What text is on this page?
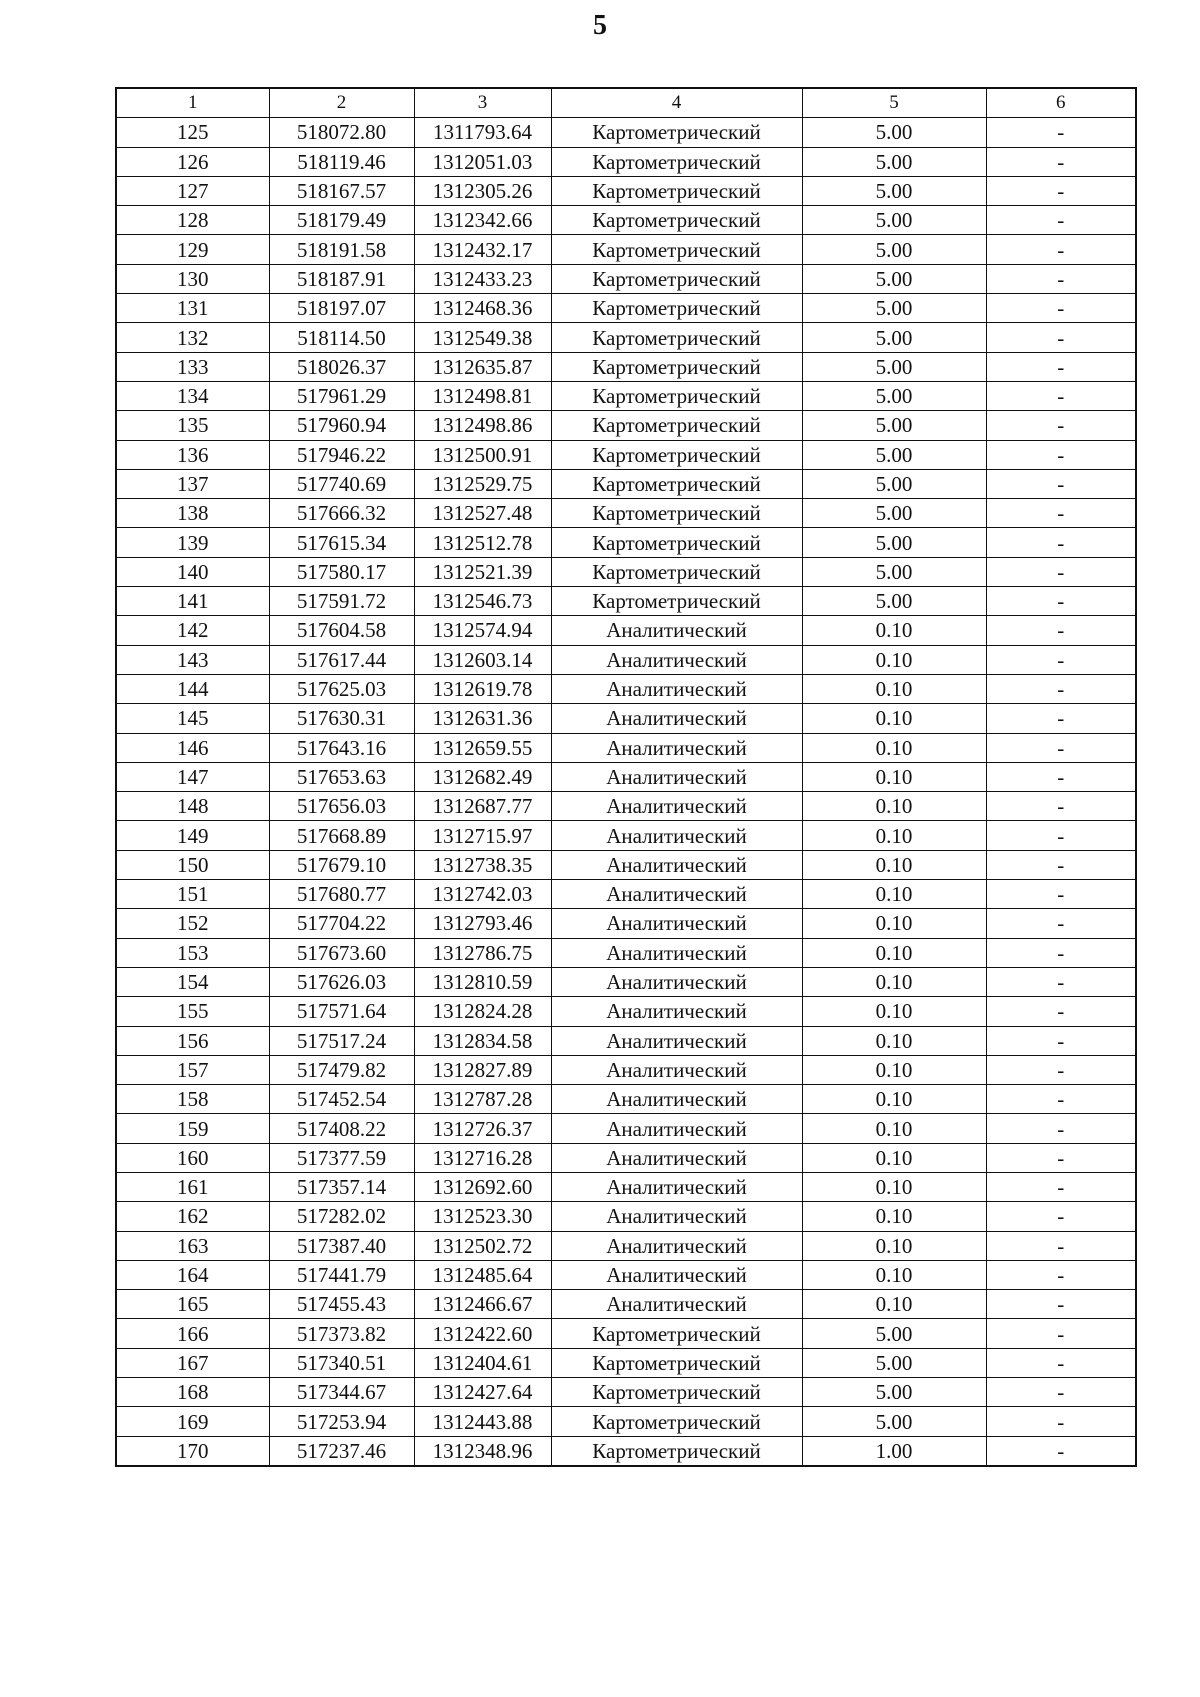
5
1	2	3	4	5	6
125	518072.80	1311793.64	Картометрический	5.00	-
126	518119.46	1312051.03	Картометрический	5.00	-
127	518167.57	1312305.26	Картометрический	5.00	-
128	518179.49	1312342.66	Картометрический	5.00	-
129	518191.58	1312432.17	Картометрический	5.00	-
130	518187.91	1312433.23	Картометрический	5.00	-
131	518197.07	1312468.36	Картометрический	5.00	-
132	518114.50	1312549.38	Картометрический	5.00	-
133	518026.37	1312635.87	Картометрический	5.00	-
134	517961.29	1312498.81	Картометрический	5.00	-
135	517960.94	1312498.86	Картометрический	5.00	-
136	517946.22	1312500.91	Картометрический	5.00	-
137	517740.69	1312529.75	Картометрический	5.00	-
138	517666.32	1312527.48	Картометрический	5.00	-
139	517615.34	1312512.78	Картометрический	5.00	-
140	517580.17	1312521.39	Картометрический	5.00	-
141	517591.72	1312546.73	Картометрический	5.00	-
142	517604.58	1312574.94	Аналитический	0.10	-
143	517617.44	1312603.14	Аналитический	0.10	-
144	517625.03	1312619.78	Аналитический	0.10	-
145	517630.31	1312631.36	Аналитический	0.10	-
146	517643.16	1312659.55	Аналитический	0.10	-
147	517653.63	1312682.49	Аналитический	0.10	-
148	517656.03	1312687.77	Аналитический	0.10	-
149	517668.89	1312715.97	Аналитический	0.10	-
150	517679.10	1312738.35	Аналитический	0.10	-
151	517680.77	1312742.03	Аналитический	0.10	-
152	517704.22	1312793.46	Аналитический	0.10	-
153	517673.60	1312786.75	Аналитический	0.10	-
154	517626.03	1312810.59	Аналитический	0.10	-
155	517571.64	1312824.28	Аналитический	0.10	-
156	517517.24	1312834.58	Аналитический	0.10	-
157	517479.82	1312827.89	Аналитический	0.10	-
158	517452.54	1312787.28	Аналитический	0.10	-
159	517408.22	1312726.37	Аналитический	0.10	-
160	517377.59	1312716.28	Аналитический	0.10	-
161	517357.14	1312692.60	Аналитический	0.10	-
162	517282.02	1312523.30	Аналитический	0.10	-
163	517387.40	1312502.72	Аналитический	0.10	-
164	517441.79	1312485.64	Аналитический	0.10	-
165	517455.43	1312466.67	Аналитический	0.10	-
166	517373.82	1312422.60	Картометрический	5.00	-
167	517340.51	1312404.61	Картометрический	5.00	-
168	517344.67	1312427.64	Картометрический	5.00	-
169	517253.94	1312443.88	Картометрический	5.00	-
170	517237.46	1312348.96	Картометрический	1.00	-
